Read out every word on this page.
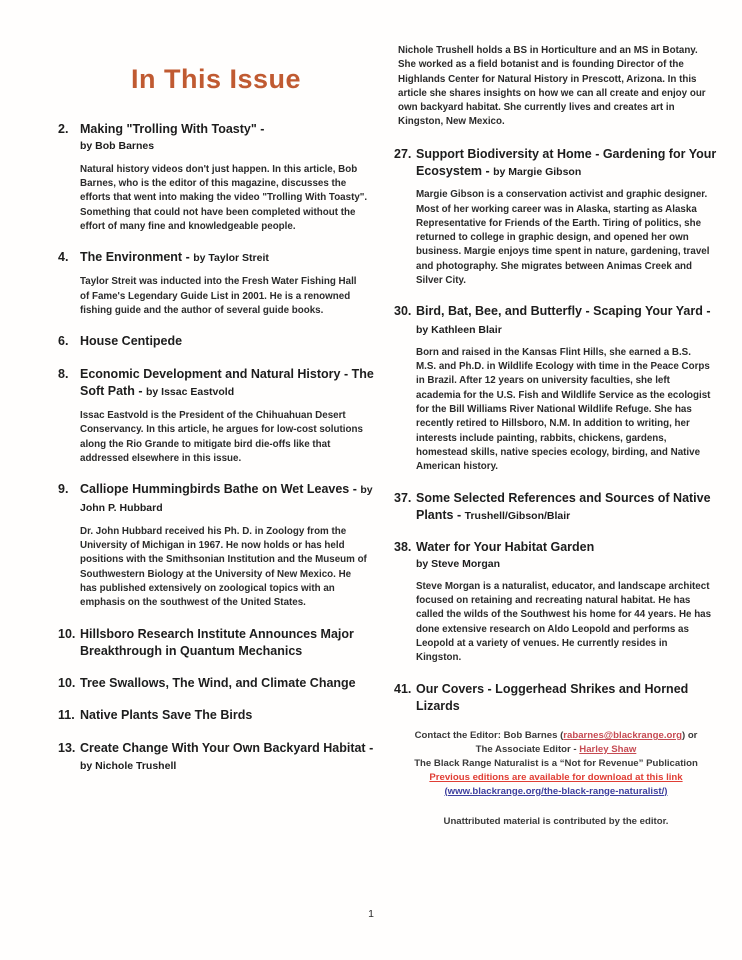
In This Issue
2. Making "Trolling With Toasty" -
by Bob Barnes
Natural history videos don't just happen. In this article, Bob Barnes, who is the editor of this magazine, discusses the efforts that went into making the video "Trolling With Toasty". Something that could not have been completed without the effort of many fine and knowledgeable people.
4. The Environment - by Taylor Streit
Taylor Streit was inducted into the Fresh Water Fishing Hall of Fame's Legendary Guide List in 2001. He is a renowned fishing guide and the author of several guide books.
6. House Centipede
8. Economic Development and Natural History - The Soft Path - by Issac Eastvold
Issac Eastvold is the President of the Chihuahuan Desert Conservancy. In this article, he argues for low-cost solutions along the Rio Grande to mitigate bird die-offs like that addressed elsewhere in this issue.
9. Calliope Hummingbirds Bathe on Wet Leaves - by John P. Hubbard
Dr. John Hubbard received his Ph. D. in Zoology from the University of Michigan in 1967. He now holds or has held positions with the Smithsonian Institution and the Museum of Southwestern Biology at the University of New Mexico. He has published extensively on zoological topics with an emphasis on the southwest of the United States.
10. Hillsboro Research Institute Announces Major Breakthrough in Quantum Mechanics
10. Tree Swallows, The Wind, and Climate Change
11. Native Plants Save The Birds
13. Create Change With Your Own Backyard Habitat - by Nichole Trushell
Nichole Trushell holds a BS in Horticulture and an MS in Botany. She worked as a field botanist and is founding Director of the Highlands Center for Natural History in Prescott, Arizona. In this article she shares insights on how we can all create and enjoy our own backyard habitat. She currently lives and creates art in Kingston, New Mexico.
27. Support Biodiversity at Home - Gardening for Your Ecosystem - by Margie Gibson
Margie Gibson is a conservation activist and graphic designer. Most of her working career was in Alaska, starting as Alaska Representative for Friends of the Earth. Tiring of politics, she returned to college in graphic design, and opened her own business. Margie enjoys time spent in nature, gardening, travel and photography. She migrates between Animas Creek and Silver City.
30. Bird, Bat, Bee, and Butterfly - Scaping Your Yard - by Kathleen Blair
Born and raised in the Kansas Flint Hills, she earned a B.S. M.S. and Ph.D. in Wildlife Ecology with time in the Peace Corps in Brazil. After 12 years on university faculties, she left academia for the U.S. Fish and Wildlife Service as the ecologist for the Bill Williams River National Wildlife Refuge. She has recently retired to Hillsboro, N.M. In addition to writing, her interests include painting, rabbits, chickens, gardens, homestead skills, native species ecology, birding, and Native American history.
37. Some Selected References and Sources of Native Plants - Trushell/Gibson/Blair
38. Water for Your Habitat Garden
by Steve Morgan
Steve Morgan is a naturalist, educator, and landscape architect focused on retaining and recreating natural habitat. He has called the wilds of the Southwest his home for 44 years. He has done extensive research on Aldo Leopold and performs as Leopold at a variety of venues. He currently resides in Kingston.
41. Our Covers - Loggerhead Shrikes and Horned Lizards
Contact the Editor: Bob Barnes (rabarnes@blackrange.org) or
The Associate Editor - Harley Shaw
The Black Range Naturalist is a “Not for Revenue” Publication
Previous editions are available for download at this link
(www.blackrange.org/the-black-range-naturalist/)
Unattributed material is contributed by the editor.
1
